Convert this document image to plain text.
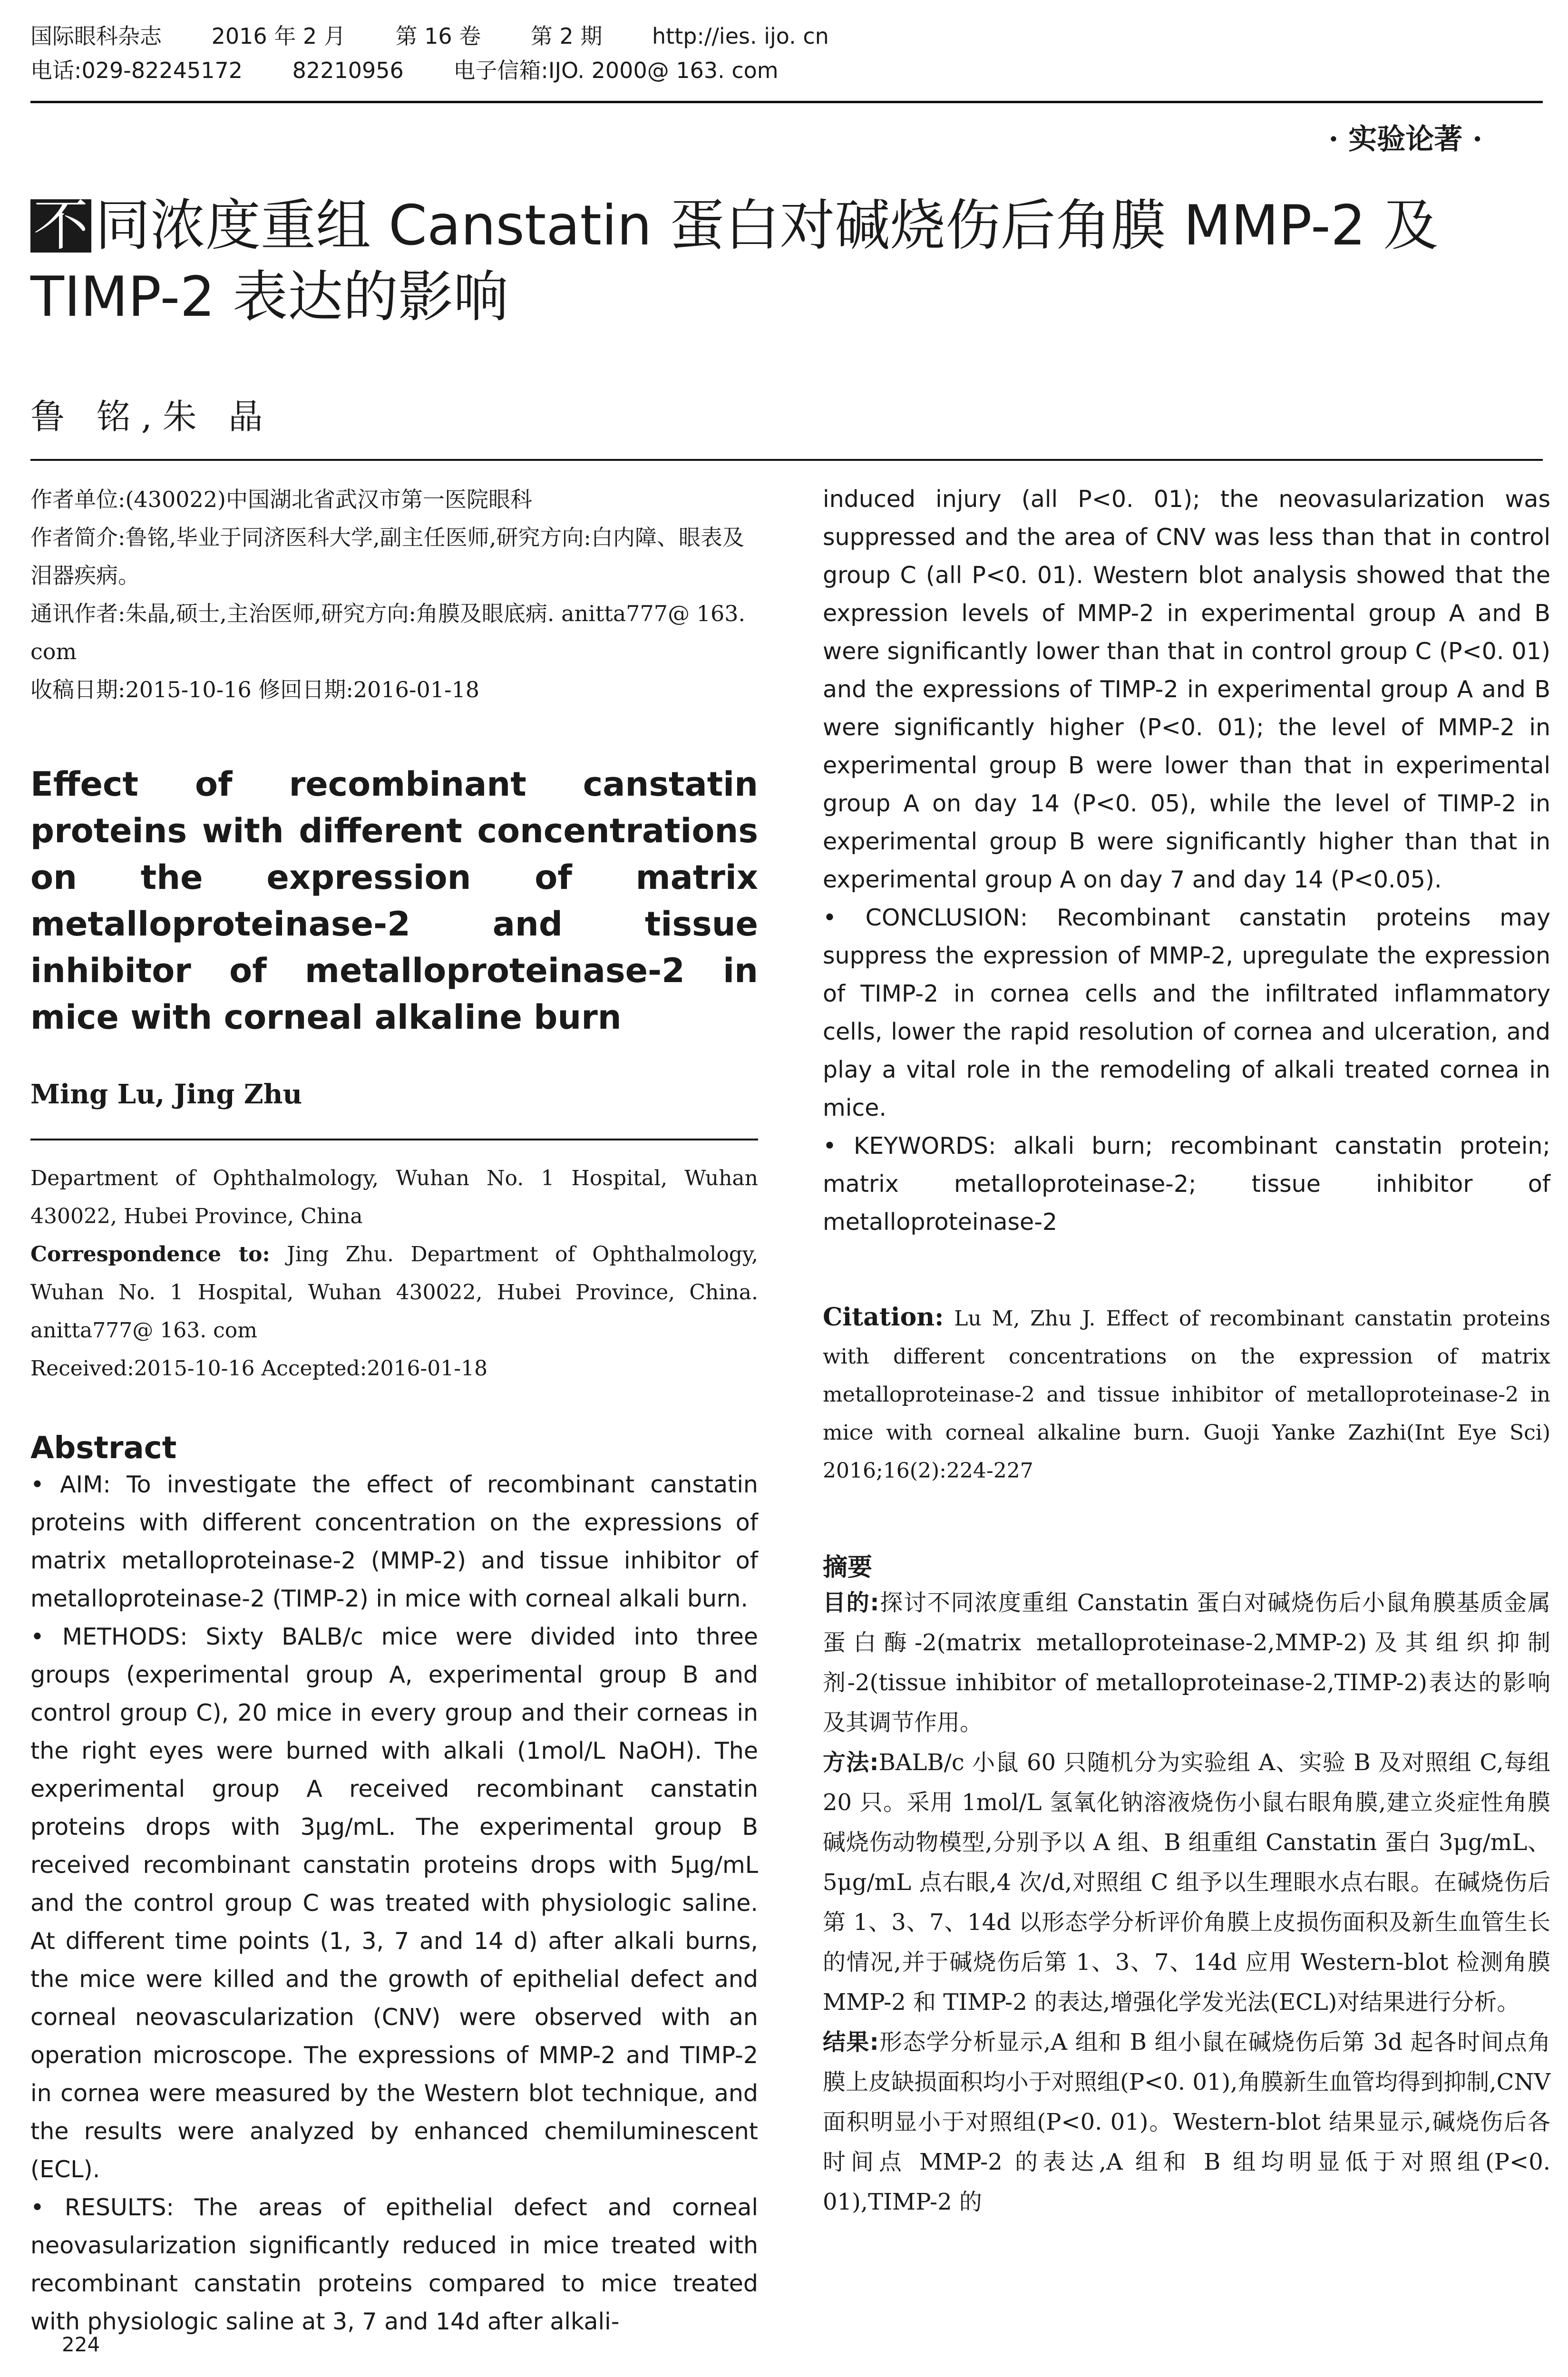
国际眼科杂志 2016 年 2 月 第 16 卷 第 2 期 http://ies. ijo. cn
电话:029-82245172 82210956 电子信箱:IJO. 2000@ 163. com
· 实验论著 ·
不 同浓度重组 Canstatin 蛋白对碱烧伤后角膜 MMP-2 及
TIMP-2 表达的影响
鲁 铭,朱 晶

作者单位:(430022)中国湖北省武汉市第一医院眼科

作者简介:鲁铭,毕业于同济医科大学,副主任医师,研究方向:白内障、眼表及泪器疾病。

通讯作者:朱晶,硕士,主治医师,研究方向:角膜及眼底病. anitta777@ 163. com

收稿日期:2015-10-16 修回日期:2016-01-18

Effect of recombinant canstatin proteins with different concentrations on the expression of matrix metalloproteinase-2 and tissue inhibitor of metalloproteinase-2 in mice with corneal alkaline burn
Ming Lu, Jing Zhu

Department of Ophthalmology, Wuhan No. 1 Hospital, Wuhan 430022, Hubei Province, China

Correspondence to: Jing Zhu. Department of Ophthalmology, Wuhan No. 1 Hospital, Wuhan 430022, Hubei Province, China. anitta777@ 163. com

Received:2015-10-16 Accepted:2016-01-18

Abstract

• AIM: To investigate the effect of recombinant canstatin proteins with different concentration on the expressions of matrix metalloproteinase-2 (MMP-2) and tissue inhibitor of metalloproteinase-2 (TIMP-2) in mice with corneal alkali burn.

• METHODS: Sixty BALB/c mice were divided into three groups (experimental group A, experimental group B and control group C), 20 mice in every group and their corneas in the right eyes were burned with alkali (1mol/L NaOH). The experimental group A received recombinant canstatin proteins drops with 3μg/mL. The experimental group B received recombinant canstatin proteins drops with 5μg/mL and the control group C was treated with physiologic saline. At different time points (1, 3, 7 and 14 d) after alkali burns, the mice were killed and the growth of epithelial defect and corneal neovascularization (CNV) were observed with an operation microscope. The expressions of MMP-2 and TIMP-2 in cornea were measured by the Western blot technique, and the results were analyzed by enhanced chemiluminescent (ECL).

• RESULTS: The areas of epithelial defect and corneal neovasularization significantly reduced in mice treated with recombinant canstatin proteins compared to mice treated with physiologic saline at 3, 7 and 14d after alkali-

induced injury (all P<0. 01); the neovasularization was suppressed and the area of CNV was less than that in control group C (all P<0. 01). Western blot analysis showed that the expression levels of MMP-2 in experimental group A and B were significantly lower than that in control group C (P<0. 01) and the expressions of TIMP-2 in experimental group A and B were significantly higher (P<0. 01); the level of MMP-2 in experimental group B were lower than that in experimental group A on day 14 (P<0. 05), while the level of TIMP-2 in experimental group B were significantly higher than that in experimental group A on day 7 and day 14 (P<0.05).

• CONCLUSION: Recombinant canstatin proteins may suppress the expression of MMP-2, upregulate the expression of TIMP-2 in cornea cells and the infiltrated inflammatory cells, lower the rapid resolution of cornea and ulceration, and play a vital role in the remodeling of alkali treated cornea in mice.

• KEYWORDS: alkali burn; recombinant canstatin protein; matrix metalloproteinase-2; tissue inhibitor of metalloproteinase-2

Citation: Lu M, Zhu J. Effect of recombinant canstatin proteins with different concentrations on the expression of matrix metalloproteinase-2 and tissue inhibitor of metalloproteinase-2 in mice with corneal alkaline burn. Guoji Yanke Zazhi(Int Eye Sci) 2016;16(2):224-227
摘要

目的:探讨不同浓度重组 Canstatin 蛋白对碱烧伤后小鼠角膜基质金属蛋白酶-2(matrix metalloproteinase-2,MMP-2)及其组织抑制剂-2(tissue inhibitor of metalloproteinase-2,TIMP-2)表达的影响及其调节作用。

方法:BALB/c 小鼠 60 只随机分为实验组 A、实验 B 及对照组 C,每组 20 只。采用 1mol/L 氢氧化钠溶液烧伤小鼠右眼角膜,建立炎症性角膜碱烧伤动物模型,分别予以 A 组、B 组重组 Canstatin 蛋白 3μg/mL、5μg/mL 点右眼,4 次/d,对照组 C 组予以生理眼水点右眼。在碱烧伤后第 1、3、7、14d 以形态学分析评价角膜上皮损伤面积及新生血管生长的情况,并于碱烧伤后第 1、3、7、14d 应用 Western-blot 检测角膜 MMP-2 和 TIMP-2 的表达,增强化学发光法(ECL)对结果进行分析。

结果:形态学分析显示,A 组和 B 组小鼠在碱烧伤后第 3d 起各时间点角膜上皮缺损面积均小于对照组(P<0. 01),角膜新生血管均得到抑制,CNV 面积明显小于对照组(P<0. 01)。Western-blot 结果显示,碱烧伤后各时间点 MMP-2 的表达,A 组和 B 组均明显低于对照组(P<0. 01),TIMP-2 的

224
